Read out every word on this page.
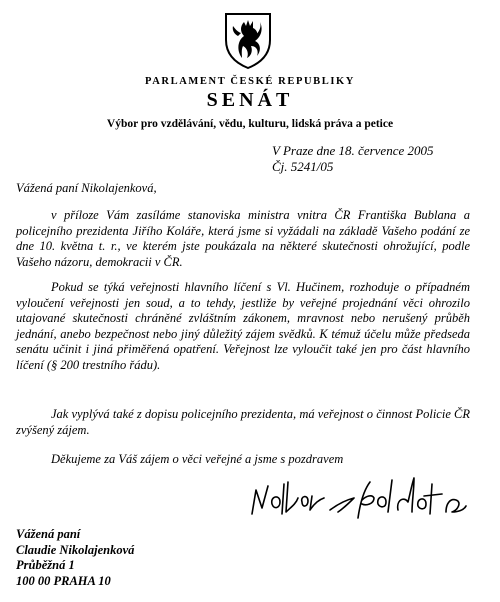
PARLAMENT ČESKÉ REPUBLIKY
SENÁT
Výbor pro vzdělávání, vědu, kulturu, lidská práva a petice
V Praze dne 18. července 2005
Čj. 5241/05
Vážená paní Nikolajenková,
v příloze Vám zasíláme stanoviska ministra vnitra ČR Františka Bublana a policejního prezidenta Jiřího Koláře, která jsme si vyžádali na základě Vašeho podání ze dne 10. května t. r., ve kterém jste poukázala na některé skutečnosti ohrožující, podle Vašeho názoru, demokracii v ČR.
Pokud se týká veřejnosti hlavního líčení s Vl. Hučinem, rozhoduje o případném vyloučení veřejnosti jen soud, a to tehdy, jestliže by veřejné projednání věci ohrozilo utajované skutečnosti chráněné zvláštním zákonem, mravnost nebo nerušený průběh jednání, anebo bezpečnost nebo jiný důležitý zájem svědků. K témuž účelu může předseda senátu učinit i jiná přiměřená opatření. Veřejnost lze vyloučit také jen pro část hlavního líčení (§ 200 trestního řádu).
Jak vyplývá také z dopisu policejního prezidenta, má veřejnost o činnost Policie ČR zvýšený zájem.
Děkujeme za Váš zájem o věci veřejné a jsme s pozdravem
Vážená paní
Claudie Nikolajenková
Průběžná 1
100 00 PRAHA 10
